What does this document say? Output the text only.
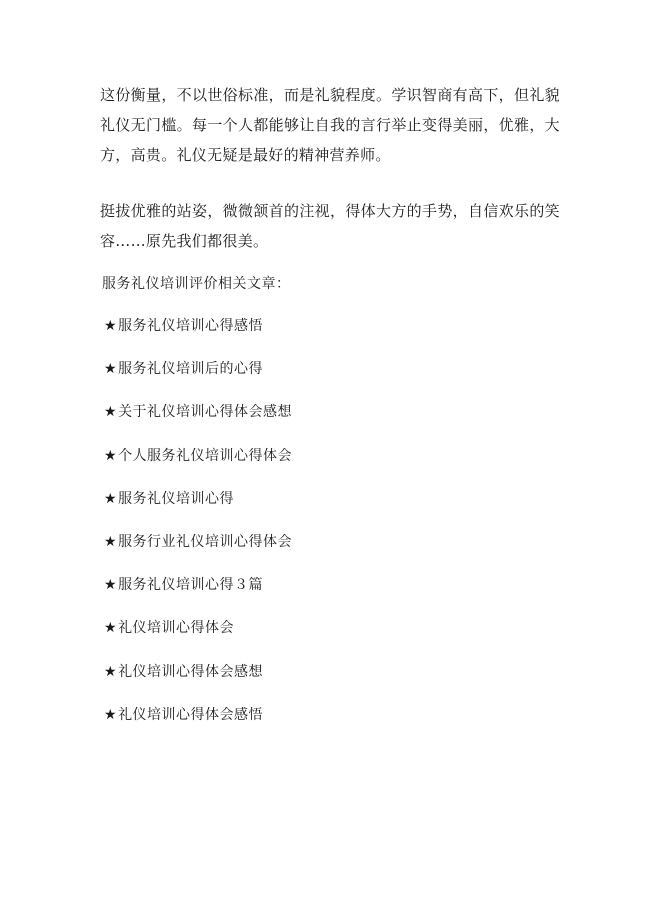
这份衡量，不以世俗标准，而是礼貌程度。学识智商有高下，但礼貌礼仪无门槛。每一个人都能够让自我的言行举止变得美丽，优雅，大方，高贵。礼仪无疑是最好的精神营养师。

挺拔优雅的站姿，微微颔首的注视，得体大方的手势，自信欢乐的笑容……原先我们都很美。

服务礼仪培训评价相关文章：

★服务礼仪培训心得感悟
★服务礼仪培训后的心得
★关于礼仪培训心得体会感想
★个人服务礼仪培训心得体会
★服务礼仪培训心得
★服务行业礼仪培训心得体会
★服务礼仪培训心得３篇
★礼仪培训心得体会
★礼仪培训心得体会感想
★礼仪培训心得体会感悟
